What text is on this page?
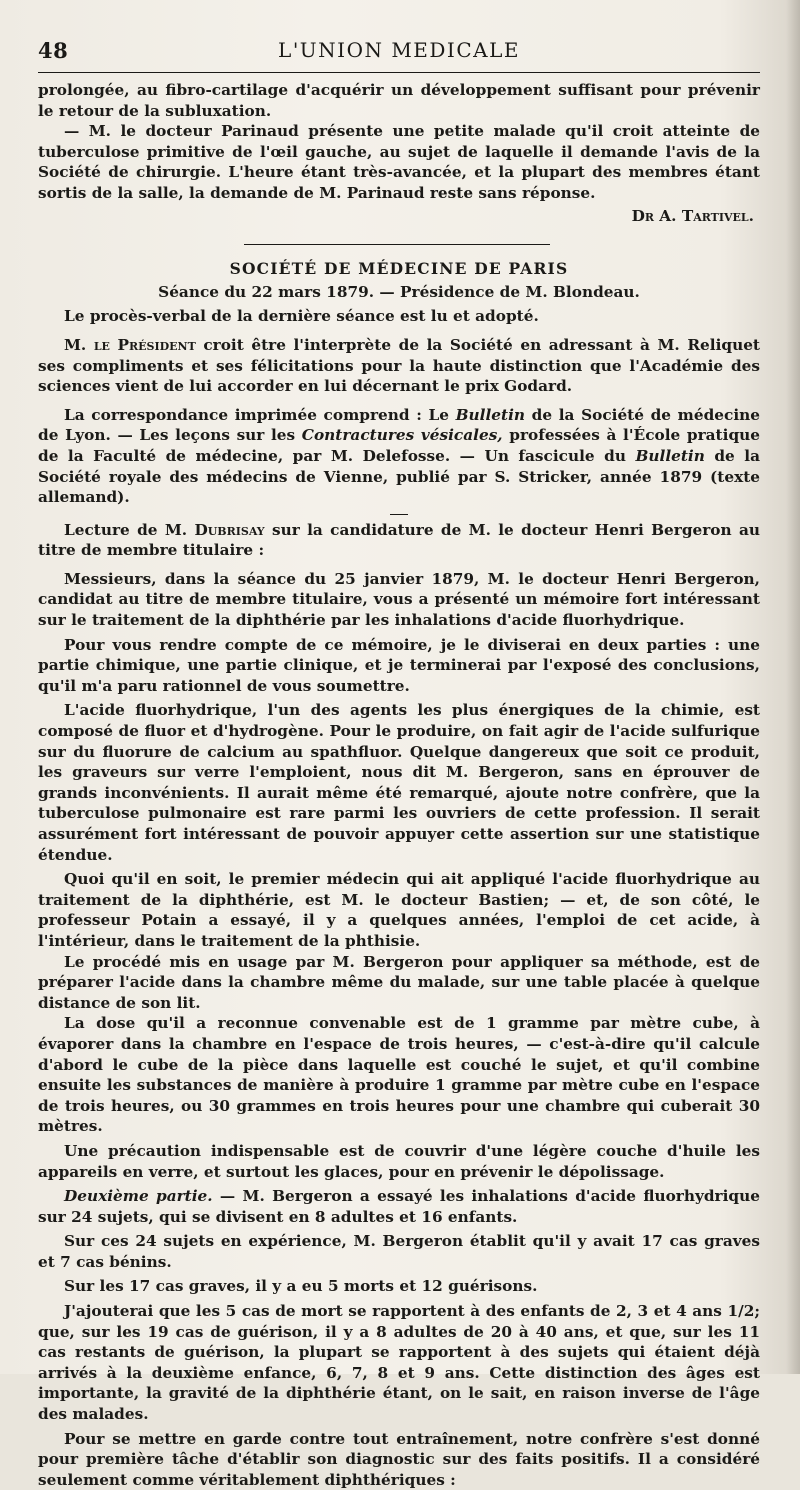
48	L'UNION MEDICALE

prolongée, au fibro-cartilage d'acquérir un développement suffisant pour prévenir le retour de la subluxation.

— M. le docteur Parinaud présente une petite malade qu'il croit atteinte de tuberculose primitive de l'œil gauche, au sujet de laquelle il demande l'avis de la Société de chirurgie. L'heure étant très-avancée, et la plupart des membres étant sortis de la salle, la demande de M. Parinaud reste sans réponse.

Dr A. Tartivel.

SOCIÉTÉ DE MÉDECINE DE PARIS

Séance du 22 mars 1879. — Présidence de M. Blondeau.

Le procès-verbal de la dernière séance est lu et adopté.

M. le Président croit être l'interprète de la Société en adressant à M. Reliquet ses compliments et ses félicitations pour la haute distinction que l'Académie des sciences vient de lui accorder en lui décernant le prix Godard.

La correspondance imprimée comprend : Le Bulletin de la Société de médecine de Lyon. — Les leçons sur les Contractures vésicales, professées à l'École pratique de la Faculté de médecine, par M. Delefosse. — Un fascicule du Bulletin de la Société royale des médecins de Vienne, publié par S. Stricker, année 1879 (texte allemand).

Lecture de M. Dubrisay sur la candidature de M. le docteur Henri Bergeron au titre de membre titulaire :

Messieurs, dans la séance du 25 janvier 1879, M. le docteur Henri Bergeron, candidat au titre de membre titulaire, vous a présenté un mémoire fort intéressant sur le traitement de la diphthérie par les inhalations d'acide fluorhydrique.

Pour vous rendre compte de ce mémoire, je le diviserai en deux parties : une partie chimique, une partie clinique, et je terminerai par l'exposé des conclusions, qu'il m'a paru rationnel de vous soumettre.

L'acide fluorhydrique, l'un des agents les plus énergiques de la chimie, est composé de fluor et d'hydrogène. Pour le produire, on fait agir de l'acide sulfurique sur du fluorure de calcium au spathfluor. Quelque dangereux que soit ce produit, les graveurs sur verre l'emploient, nous dit M. Bergeron, sans en éprouver de grands inconvénients. Il aurait même été remarqué, ajoute notre confrère, que la tuberculose pulmonaire est rare parmi les ouvriers de cette profession. Il serait assurément fort intéressant de pouvoir appuyer cette assertion sur une statistique étendue.

Quoi qu'il en soit, le premier médecin qui ait appliqué l'acide fluorhydrique au traitement de la diphthérie, est M. le docteur Bastien; — et, de son côté, le professeur Potain a essayé, il y a quelques années, l'emploi de cet acide, à l'intérieur, dans le traitement de la phthisie.

Le procédé mis en usage par M. Bergeron pour appliquer sa méthode, est de préparer l'acide dans la chambre même du malade, sur une table placée à quelque distance de son lit.

La dose qu'il a reconnue convenable est de 1 gramme par mètre cube, à évaporer dans la chambre en l'espace de trois heures, — c'est-à-dire qu'il calcule d'abord le cube de la pièce dans laquelle est couché le sujet, et qu'il combine ensuite les substances de manière à produire 1 gramme par mètre cube en l'espace de trois heures, ou 30 grammes en trois heures pour une chambre qui cuberait 30 mètres.

Une précaution indispensable est de couvrir d'une légère couche d'huile les appareils en verre, et surtout les glaces, pour en prévenir le dépolissage.

Deuxième partie. — M. Bergeron a essayé les inhalations d'acide fluorhydrique sur 24 sujets, qui se divisent en 8 adultes et 16 enfants.

Sur ces 24 sujets en expérience, M. Bergeron établit qu'il y avait 17 cas graves et 7 cas bénins.

Sur les 17 cas graves, il y a eu 5 morts et 12 guérisons.

J'ajouterai que les 5 cas de mort se rapportent à des enfants de 2, 3 et 4 ans 1/2; que, sur les 19 cas de guérison, il y a 8 adultes de 20 à 40 ans, et que, sur les 11 cas restants de guérison, la plupart se rapportent à des sujets qui étaient déjà arrivés à la deuxième enfance, 6, 7, 8 et 9 ans. Cette distinction des âges est importante, la gravité de la diphthérie étant, on le sait, en raison inverse de l'âge des malades.

Pour se mettre en garde contre tout entraînement, notre confrère s'est donné pour première tâche d'établir son diagnostic sur des faits positifs. Il a considéré seulement comme véritablement diphthériques :
